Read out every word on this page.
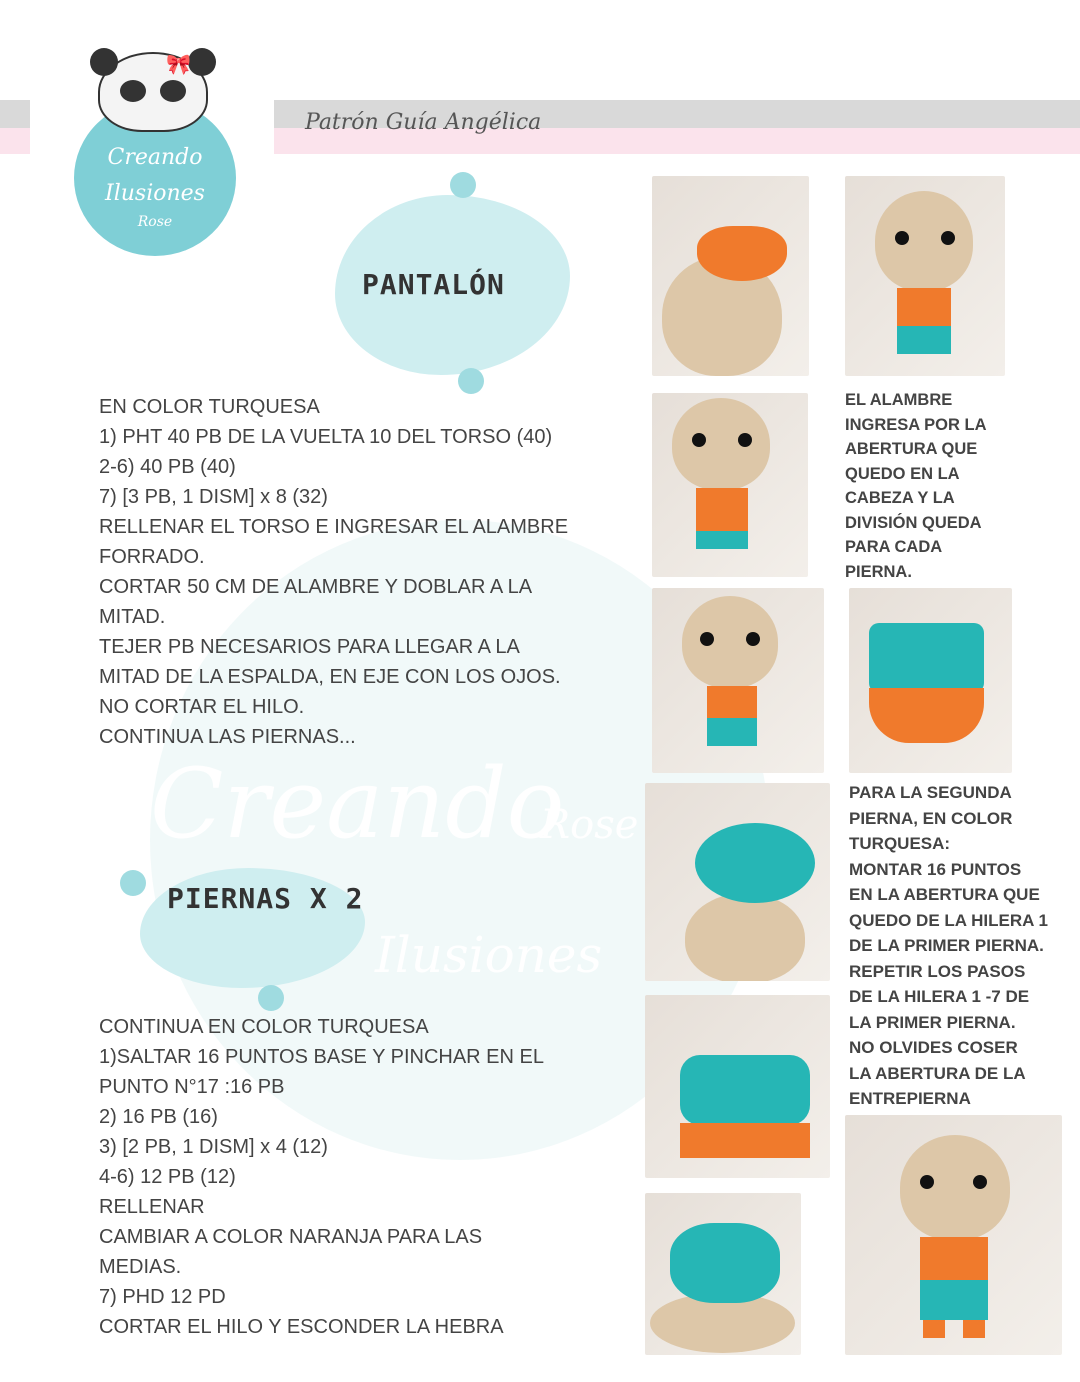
Creando
Rose
Ilusiones
Patrón Guía Angélica
🎀
Creando
Ilusiones
Rose
PANTALÓN
EN COLOR TURQUESA
1) PHT 40 PB DE LA VUELTA 10 DEL TORSO (40)
2-6) 40 PB (40)
7) [3 PB, 1 DISM] x 8 (32)
RELLENAR EL TORSO E INGRESAR EL ALAMBRE
FORRADO.
CORTAR 50 CM DE ALAMBRE Y DOBLAR A LA
MITAD.
TEJER PB NECESARIOS PARA LLEGAR A LA
MITAD DE LA ESPALDA, EN EJE CON LOS OJOS.
NO CORTAR EL HILO.
CONTINUA LAS PIERNAS...
PIERNAS X 2
CONTINUA EN COLOR TURQUESA
1)SALTAR 16 PUNTOS BASE Y PINCHAR EN EL
PUNTO N°17 :16 PB
2) 16 PB (16)
3) [2 PB, 1 DISM] x 4 (12)
4-6) 12 PB (12)
RELLENAR
CAMBIAR A COLOR NARANJA PARA LAS
MEDIAS.
7) PHD 12 PD
CORTAR EL HILO Y ESCONDER LA HEBRA
EL ALAMBRE
INGRESA POR LA
ABERTURA QUE
QUEDO EN LA
CABEZA Y LA
DIVISIÓN QUEDA
PARA CADA
PIERNA.
PARA LA SEGUNDA
PIERNA, EN COLOR
TURQUESA:
MONTAR 16 PUNTOS
EN LA ABERTURA QUE
QUEDO DE LA HILERA 1
DE LA PRIMER PIERNA.
REPETIR LOS PASOS
DE LA HILERA 1 -7 DE
LA PRIMER PIERNA.
NO OLVIDES COSER
LA ABERTURA DE LA
ENTREPIERNA
